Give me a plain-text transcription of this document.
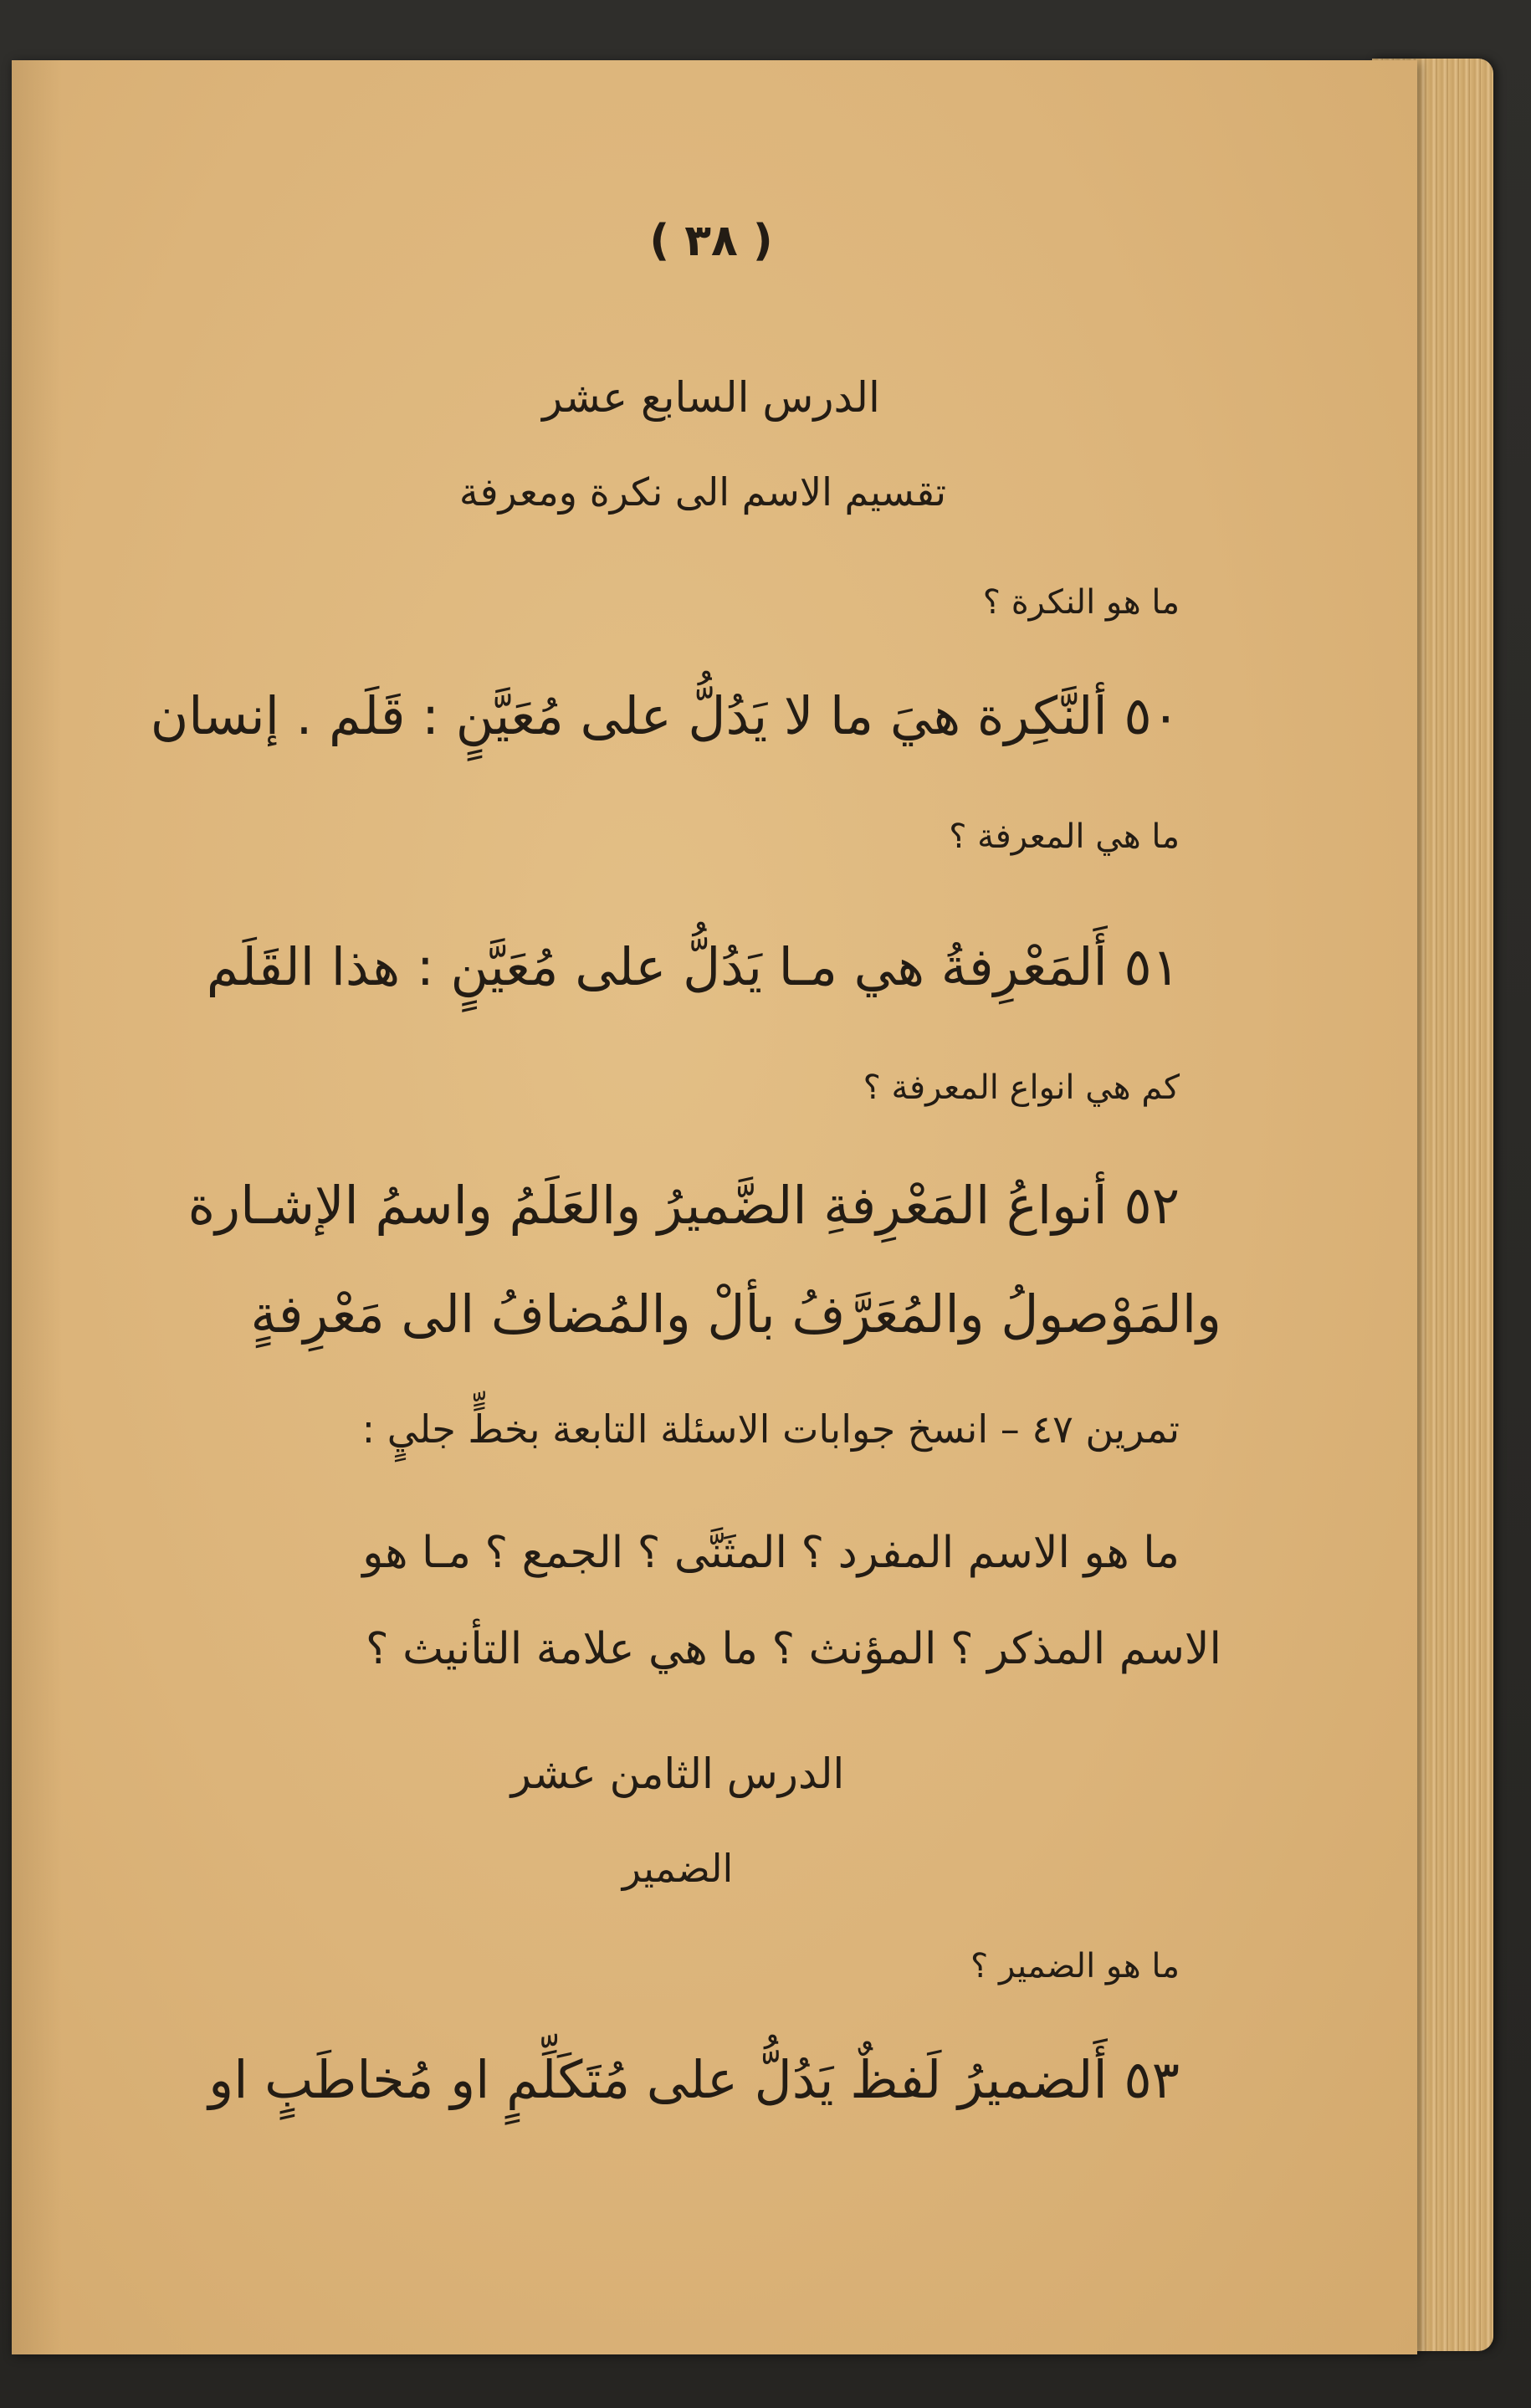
( ٣٨ )
الدرس السابع عشر
تقسيم الاسم الى نكرة ومعرفة
ما هو النكرة ؟
٥٠ ألنَّكِرة هيَ ما لا يَدُلُّ على مُعَيَّنٍ : قَلَم . إنسان
ما هي المعرفة ؟
٥١ أَلمَعْرِفةُ هي مـا يَدُلُّ على مُعَيَّنٍ : هذا القَلَم
كم هي انواع المعرفة ؟
٥٢ أنواعُ المَعْرِفةِ الضَّميرُ والعَلَمُ واسمُ الإشـارة
والمَوْصولُ والمُعَرَّفُ بألْ والمُضافُ الى مَعْرِفةٍ
تمرين ٤٧ – انسخ جوابات الاسئلة التابعة بخطٍّ جليٍ :
ما هو الاسم المفرد ؟ المثَنَّى ؟ الجمع ؟ مـا هو
الاسم المذكر ؟ المؤنث ؟ ما هي علامة التأنيث ؟
الدرس الثامن عشر
الضمير
ما هو الضمير ؟
٥٣ أَلضميرُ لَفظٌ يَدُلُّ على مُتَكَلِّمٍ او مُخاطَبٍ او
